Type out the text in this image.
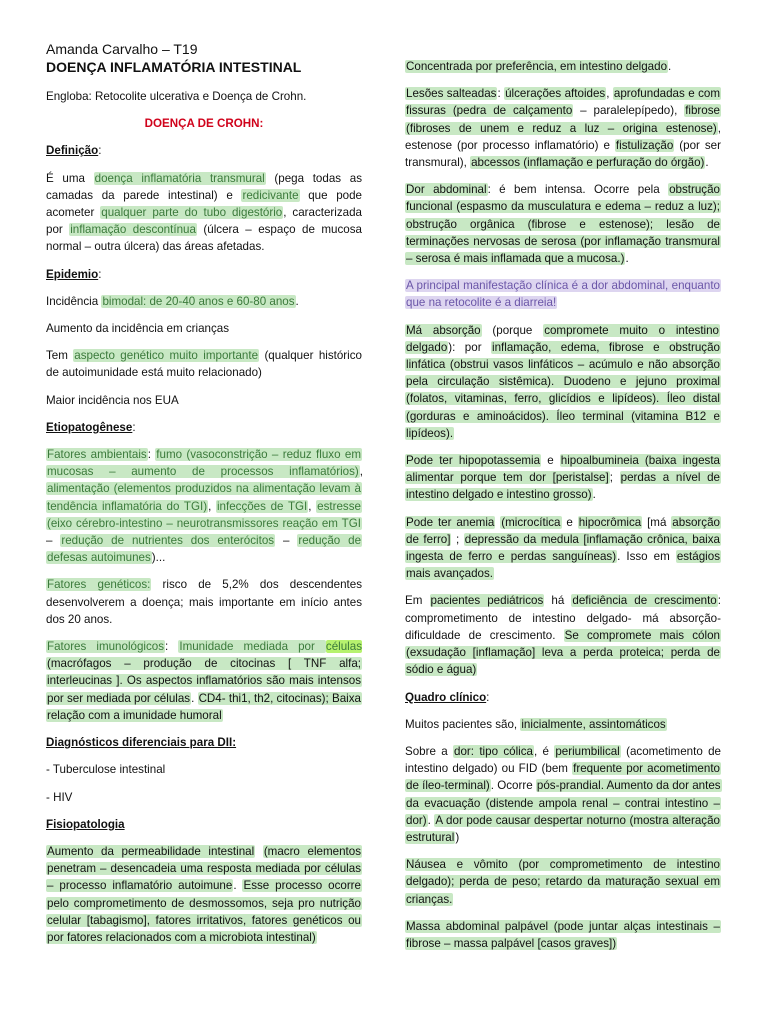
Amanda Carvalho – T19

DOENÇA INFLAMATÓRIA INTESTINAL

Engloba: Retocolite ulcerativa e Doença de Crohn.

DOENÇA DE CROHN:

Definição:

É uma doença inflamatória transmural (pega todas as camadas da parede intestinal) e redicivante que pode acometer qualquer parte do tubo digestório, caracterizada por inflamação descontínua (úlcera – espaço de mucosa normal – outra úlcera) das áreas afetadas.

Epidemio:

Incidência bimodal: de 20-40 anos e 60-80 anos.

Aumento da incidência em crianças

Tem aspecto genético muito importante (qualquer histórico de autoimunidade está muito relacionado)

Maior incidência nos EUA

Etiopatogênese:

Fatores ambientais: fumo (vasoconstrição – reduz fluxo em mucosas – aumento de processos inflamatórios), alimentação (elementos produzidos na alimentação levam à tendência inflamatória do TGI), infecções de TGI, estresse (eixo cérebro-intestino – neurotransmissores reação em TGI – redução de nutrientes dos enterócitos – redução de defesas autoimunes)...

Fatores genéticos: risco de 5,2% dos descendentes desenvolverem a doença; mais importante em início antes dos 20 anos.

Fatores imunológicos: Imunidade mediada por células (macrófagos – produção de citocinas [ TNF alfa; interleucinas ]. Os aspectos inflamatórios são mais intensos por ser mediada por células. CD4- thi1, th2, citocinas); Baixa relação com a imunidade humoral

Diagnósticos diferenciais para DII:

- Tuberculose intestinal

- HIV

Fisiopatologia

Aumento da permeabilidade intestinal (macro elementos penetram – desencadeia uma resposta mediada por células – processo inflamatório autoimune. Esse processo ocorre pelo comprometimento de desmossomos, seja pro nutrição celular [tabagismo], fatores irritativos, fatores genéticos ou por fatores relacionados com a microbiota intestinal)

Concentrada por preferência, em intestino delgado.

Lesões salteadas: úlcerações aftoides, aprofundadas e com fissuras (pedra de calçamento – paralelepípedo), fibrose (fibroses de unem e reduz a luz – origina estenose), estenose (por processo inflamatório) e fistulização (por ser transmural), abcessos (inflamação e perfuração do órgão).

Dor abdominal: é bem intensa. Ocorre pela obstrução funcional (espasmo da musculatura e edema – reduz a luz); obstrução orgânica (fibrose e estenose); lesão de terminações nervosas de serosa (por inflamação transmural – serosa é mais inflamada que a mucosa.).

A principal manifestação clínica é a dor abdominal, enquanto que na retocolite é a diarreia!

Má absorção (porque compromete muito o intestino delgado): por inflamação, edema, fibrose e obstrução linfática (obstrui vasos linfáticos – acúmulo e não absorção pela circulação sistêmica). Duodeno e jejuno proximal (folatos, vitaminas, ferro, glicídios e lipídeos). Íleo distal (gorduras e aminoácidos). Íleo terminal (vitamina B12 e lipídeos).

Pode ter hipopotassemia e hipoalbumineia (baixa ingesta alimentar porque tem dor [peristalse]; perdas a nível de intestino delgado e intestino grosso).

Pode ter anemia (microcítica e hipocrômica [má absorção de ferro] ; depressão da medula [inflamação crônica, baixa ingesta de ferro e perdas sanguíneas). Isso em estágios mais avançados.

Em pacientes pediátricos há deficiência de crescimento: comprometimento de intestino delgado- má absorção-dificuldade de crescimento. Se compromete mais cólon (exsudação [inflamação] leva a perda proteica; perda de sódio e água)

Quadro clínico:

Muitos pacientes são, inicialmente, assintomáticos

Sobre a dor: tipo cólica, é periumbilical (acometimento de intestino delgado) ou FID (bem frequente por acometimento de íleo-terminal). Ocorre pós-prandial. Aumento da dor antes da evacuação (distende ampola renal – contrai intestino – dor). A dor pode causar despertar noturno (mostra alteração estrutural)

Náusea e vômito (por comprometimento de intestino delgado); perda de peso; retardo da maturação sexual em crianças.

Massa abdominal palpável (pode juntar alças intestinais – fibrose – massa palpável [casos graves])
